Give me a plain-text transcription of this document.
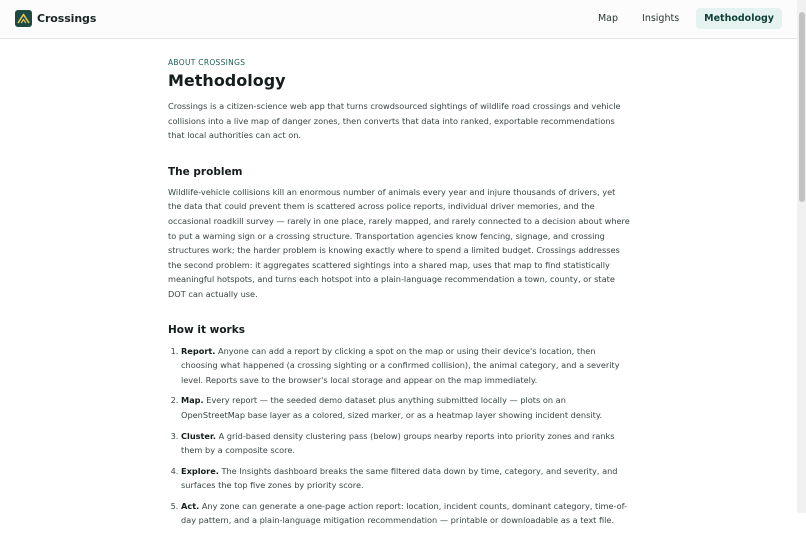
Crossings	Map	Insights	Methodology
ABOUT CROSSINGS
Methodology

Crossings is a citizen-science web app that turns crowdsourced sightings of wildlife road crossings and vehicle collisions into a live map of danger zones, then converts that data into ranked, exportable recommendations that local authorities can act on.

The problem

Wildlife-vehicle collisions kill an enormous number of animals every year and injure thousands of drivers, yet the data that could prevent them is scattered across police reports, individual driver memories, and the occasional roadkill survey — rarely in one place, rarely mapped, and rarely connected to a decision about where to put a warning sign or a crossing structure. Transportation agencies know fencing, signage, and crossing structures work; the harder problem is knowing exactly where to spend a limited budget. Crossings addresses the second problem: it aggregates scattered sightings into a shared map, uses that map to find statistically meaningful hotspots, and turns each hotspot into a plain-language recommendation a town, county, or state DOT can actually use.

How it works
1. Report. Anyone can add a report by clicking a spot on the map or using their device's location, then choosing what happened (a crossing sighting or a confirmed collision), the animal category, and a severity level. Reports save to the browser's local storage and appear on the map immediately.
2. Map. Every report — the seeded demo dataset plus anything submitted locally — plots on an OpenStreetMap base layer as a colored, sized marker, or as a heatmap layer showing incident density.
3. Cluster. A grid-based density clustering pass (below) groups nearby reports into priority zones and ranks them by a composite score.
4. Explore. The Insights dashboard breaks the same filtered data down by time, category, and severity, and surfaces the top five zones by priority score.
5. Act. Any zone can generate a one-page action report: location, incident counts, dominant category, time-of-day pattern, and a plain-language mitigation recommendation — printable or downloadable as a text file.
